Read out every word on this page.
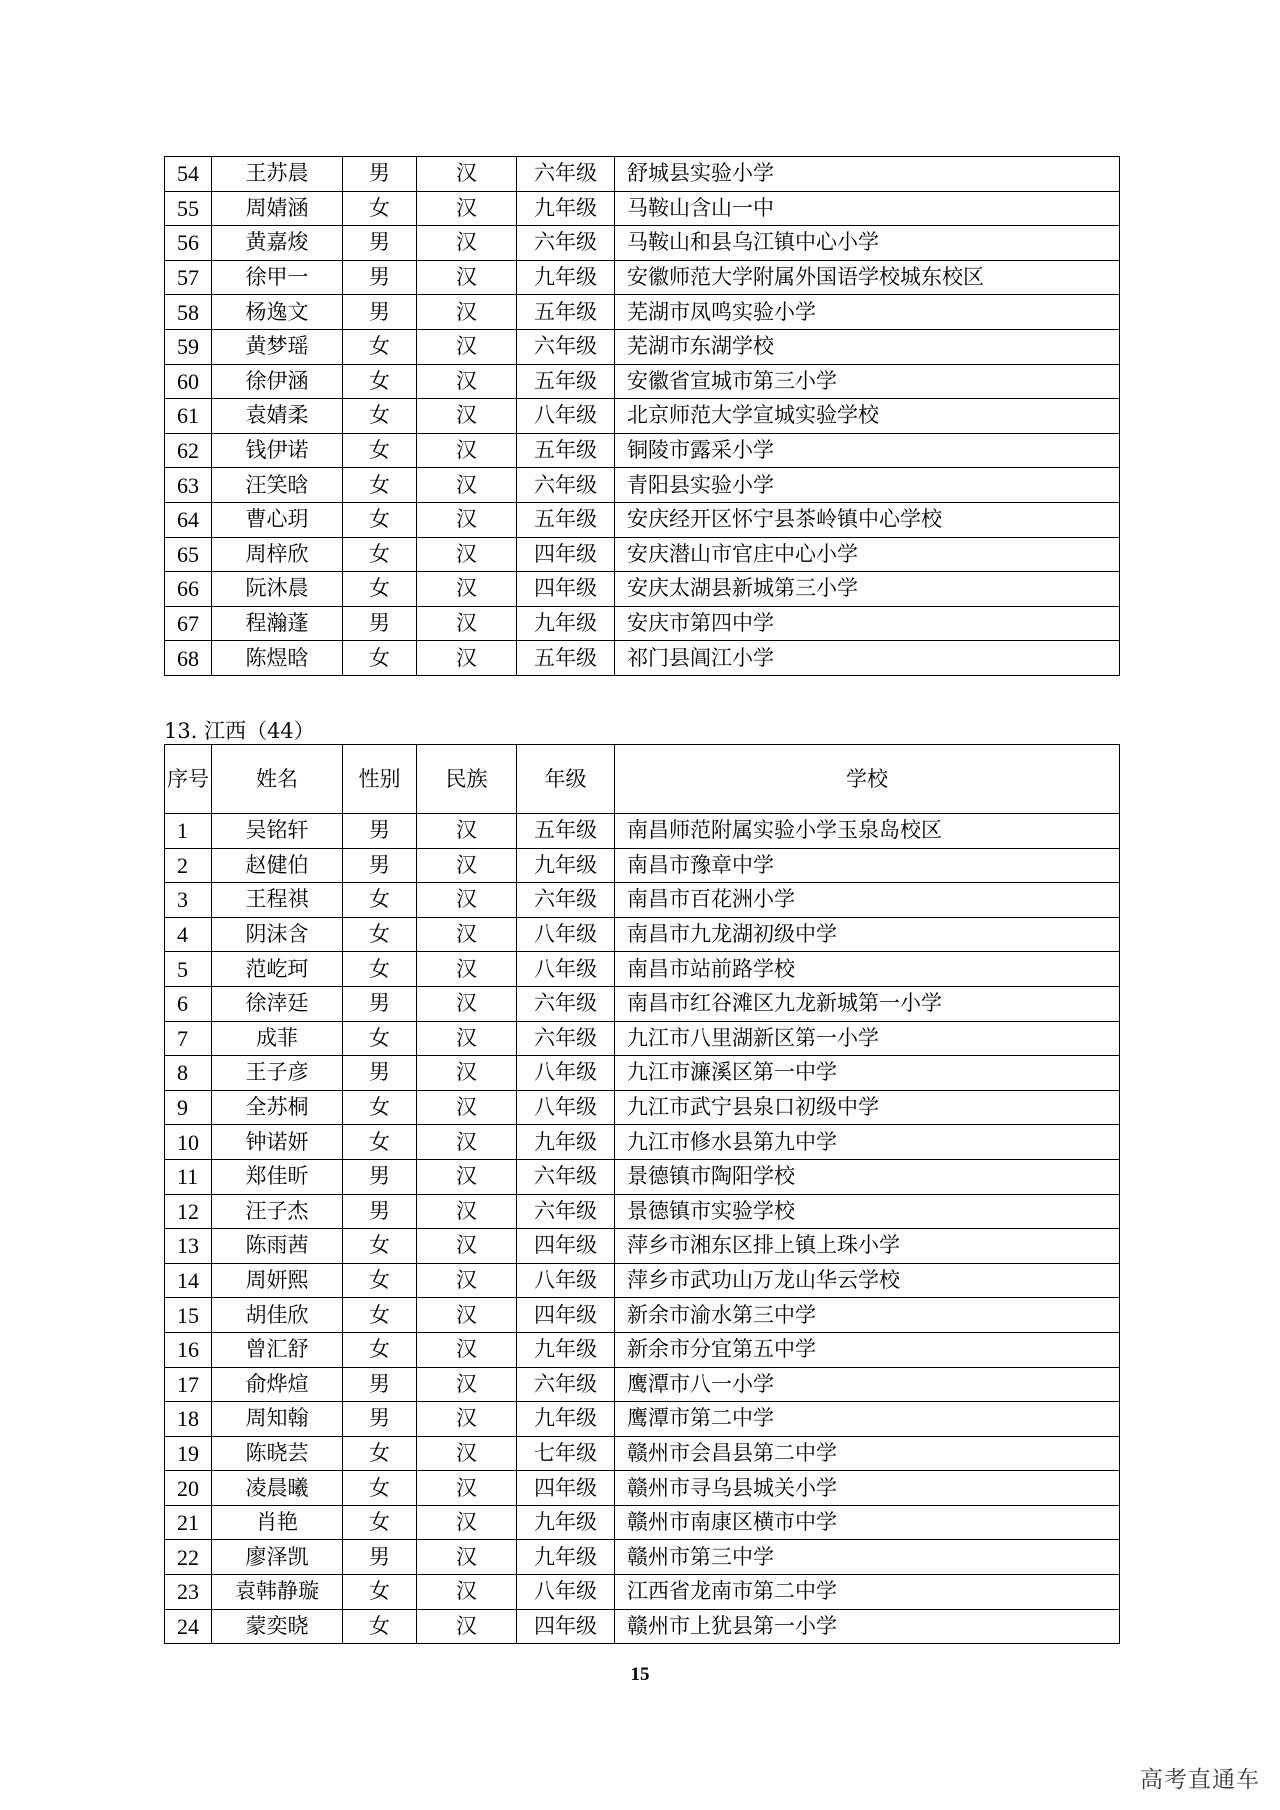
54	王苏晨	男	汉	六年级	舒城县实验小学
55	周婧涵	女	汉	九年级	马鞍山含山一中
56	黄嘉焌	男	汉	六年级	马鞍山和县乌江镇中心小学
57	徐甲一	男	汉	九年级	安徽师范大学附属外国语学校城东校区
58	杨逸文	男	汉	五年级	芜湖市凤鸣实验小学
59	黄梦瑶	女	汉	六年级	芜湖市东湖学校
60	徐伊涵	女	汉	五年级	安徽省宣城市第三小学
61	袁婧柔	女	汉	八年级	北京师范大学宣城实验学校
62	钱伊诺	女	汉	五年级	铜陵市露采小学
63	汪笑晗	女	汉	六年级	青阳县实验小学
64	曹心玥	女	汉	五年级	安庆经开区怀宁县茶岭镇中心学校
65	周梓欣	女	汉	四年级	安庆潜山市官庄中心小学
66	阮沐晨	女	汉	四年级	安庆太湖县新城第三小学
67	程瀚蓬	男	汉	九年级	安庆市第四中学
68	陈煜晗	女	汉	五年级	祁门县阊江小学
13. 江西（44）
序号	姓名	性别	民族	年级	学校
1	吴铭轩	男	汉	五年级	南昌师范附属实验小学玉泉岛校区
2	赵健伯	男	汉	九年级	南昌市豫章中学
3	王程祺	女	汉	六年级	南昌市百花洲小学
4	阴沫含	女	汉	八年级	南昌市九龙湖初级中学
5	范屹珂	女	汉	八年级	南昌市站前路学校
6	徐涬廷	男	汉	六年级	南昌市红谷滩区九龙新城第一小学
7	成菲	女	汉	六年级	九江市八里湖新区第一小学
8	王子彦	男	汉	八年级	九江市濂溪区第一中学
9	全苏桐	女	汉	八年级	九江市武宁县泉口初级中学
10	钟诺妍	女	汉	九年级	九江市修水县第九中学
11	郑佳昕	男	汉	六年级	景德镇市陶阳学校
12	汪子杰	男	汉	六年级	景德镇市实验学校
13	陈雨茜	女	汉	四年级	萍乡市湘东区排上镇上珠小学
14	周妍熙	女	汉	八年级	萍乡市武功山万龙山华云学校
15	胡佳欣	女	汉	四年级	新余市渝水第三中学
16	曾汇舒	女	汉	九年级	新余市分宜第五中学
17	俞烨煊	男	汉	六年级	鹰潭市八一小学
18	周知翰	男	汉	九年级	鹰潭市第二中学
19	陈晓芸	女	汉	七年级	赣州市会昌县第二中学
20	凌晨曦	女	汉	四年级	赣州市寻乌县城关小学
21	肖艳	女	汉	九年级	赣州市南康区横市中学
22	廖泽凯	男	汉	九年级	赣州市第三中学
23	袁韩静璇	女	汉	八年级	江西省龙南市第二中学
24	蒙奕晓	女	汉	四年级	赣州市上犹县第一小学
15
高考直通车
